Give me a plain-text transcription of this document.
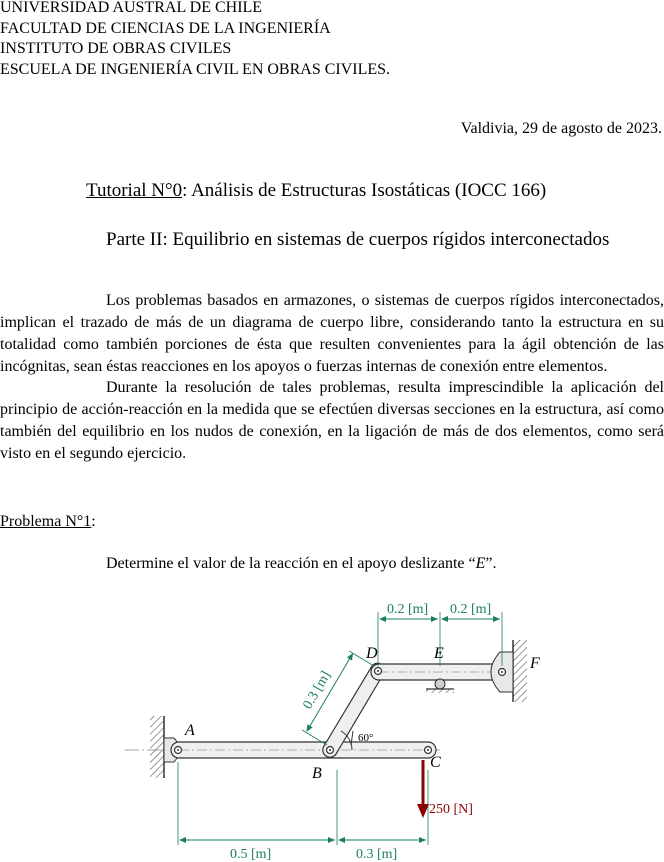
UNIVERSIDAD AUSTRAL DE CHILE
FACULTAD DE CIENCIAS DE LA INGENIERÍA
INSTITUTO DE OBRAS CIVILES
ESCUELA DE INGENIERÍA CIVIL EN OBRAS CIVILES.
Valdivia, 29 de agosto de 2023.
Tutorial N°0: Análisis de Estructuras Isostáticas (IOCC 166)
Parte II: Equilibrio en sistemas de cuerpos rígidos interconectados

Los problemas basados en armazones, o sistemas de cuerpos rígidos interconectados, implican el trazado de más de un diagrama de cuerpo libre, considerando tanto la estructura en su totalidad como también porciones de ésta que resulten convenientes para la ágil obtención de las incógnitas, sean éstas reacciones en los apoyos o fuerzas internas de conexión entre elementos.

Durante la resolución de tales problemas, resulta imprescindible la aplicación del principio de acción-reacción en la medida que se efectúen diversas secciones en la estructura, así como también del equilibrio en los nudos de conexión, en la ligación de más de dos elementos, como será visto en el segundo ejercicio.

Problema N°1:
Determine el valor de la reacción en el apoyo deslizante “E”.
60°
0.2 [m] 0.2 [m]
0.3 [m]
0.5 [m]	0.3 [m]
250 [N]
A
B
C
D	E
F
